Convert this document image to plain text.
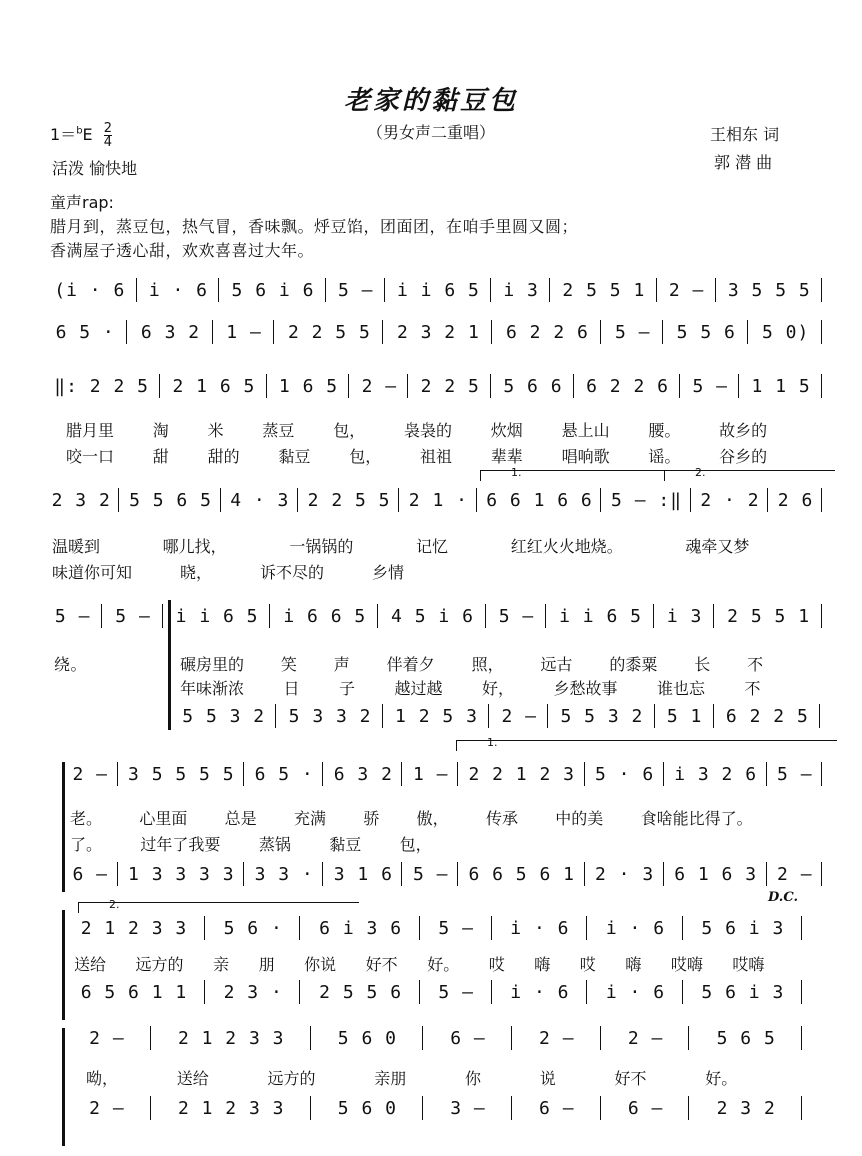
老家的黏豆包
（男女声二重唱）
$1=^bE \frac{2}{4}$
活泼 愉快地
王相东 词
郭 潜 曲
童声rap:
腊月到，蒸豆包，热气冒，香味飘。烀豆馅，团面团，在咱手里圆又圆；
香满屋子透心甜，欢欢喜喜过大年。
(i · 6	i · 6	5 6 i 6	5 —	i i 6 5	i 3	2 5 5 1	2 —	3 5 5 5
6 5 ·	6 3 2	1 —	2 2 5 5	2 3 2 1	6 2 2 6	5 —	5 5 6	5 0)
‖: 2 2 5	2 1 6 5	1 6 5	2 —	2 2 5	5 6 6	6 2 2 6	5 —	1 1 5
腊月里	淘	米	蒸豆	包，	袅袅的	炊烟	悬上山	腰。	故乡的
咬一口	甜	甜的	黏豆	包，	祖祖	辈辈	唱响歌	谣。	谷乡的
1.	2.
2 3 2	5 5 6 5	4 · 3	2 2 5 5	2 1 ·	6 6 1 6 6	5 — :‖	2 · 2	2 6
温暖到	哪儿找，	一锅锅的	记忆	红红火火地烧。	魂牵又梦
味道你可知	晓，	诉不尽的	乡情
5 —	5 —	i i 6 5	i 6 6 5	4 5 i 6	5 —	i i 6 5	i 3	2 5 5 1
绕。	碾房里的	笑	声	伴着夕	照，	远古	的黍粟	长	不
年味渐浓	日	子	越过越	好，	乡愁故事	谁也忘	不
5 5 3 2	5 3 3 2	1 2 5 3	2 —	5 5 3 2	5 1	6 2 2 5
1.
2 —	3 5 5 5 5	6 5 ·	6 3 2	1 —	2 2 1 2 3	5 · 6	i 3 2 6	5 —
老。	心里面	总是	充满	骄	傲，	传承	中的美	食啥能比得了。
了。	过年了我要	蒸锅	黏豆	包，
6 —	1 3 3 3 3	3 3 ·	3 1 6	5 —	6 6 5 6 1	2 · 3	6 1 6 3	2 —
2.
2 1 2 3 3	5 6 ·	6 i 3 6	5 —	i · 6	i · 6	5 6 i 3
送给	远方的	亲	朋	你说	好不	好。	哎	嗨	哎	嗨	哎嗨	哎嗨
6 5 6 1 1	2 3 ·	2 5 5 6	5 —	i · 6	i · 6	5 6 i 3
2 —	2 1 2 3 3	5 6 0	6 —	2 —	2 —	5 6 5
呦，	送给	远方的	亲朋	你	说	好不	好。
2 —	2 1 2 3 3	5 6 0	3 —	6 —	6 —	2 3 2
D.C.
